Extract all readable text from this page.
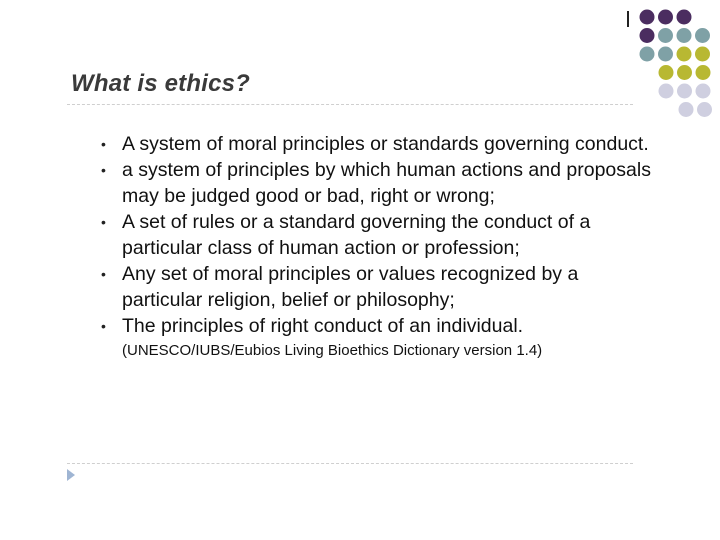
What is ethics?
• A system of moral principles or standards governing conduct.
• a system of principles by which human actions and proposals may be judged good or bad, right or wrong;
• A set of rules or a standard governing the conduct of a particular class of human action or profession;
• Any set of moral principles or values recognized by a particular religion, belief or philosophy;
• The principles of right conduct of an individual.

(UNESCO/IUBS/Eubios Living Bioethics Dictionary version 1.4)
